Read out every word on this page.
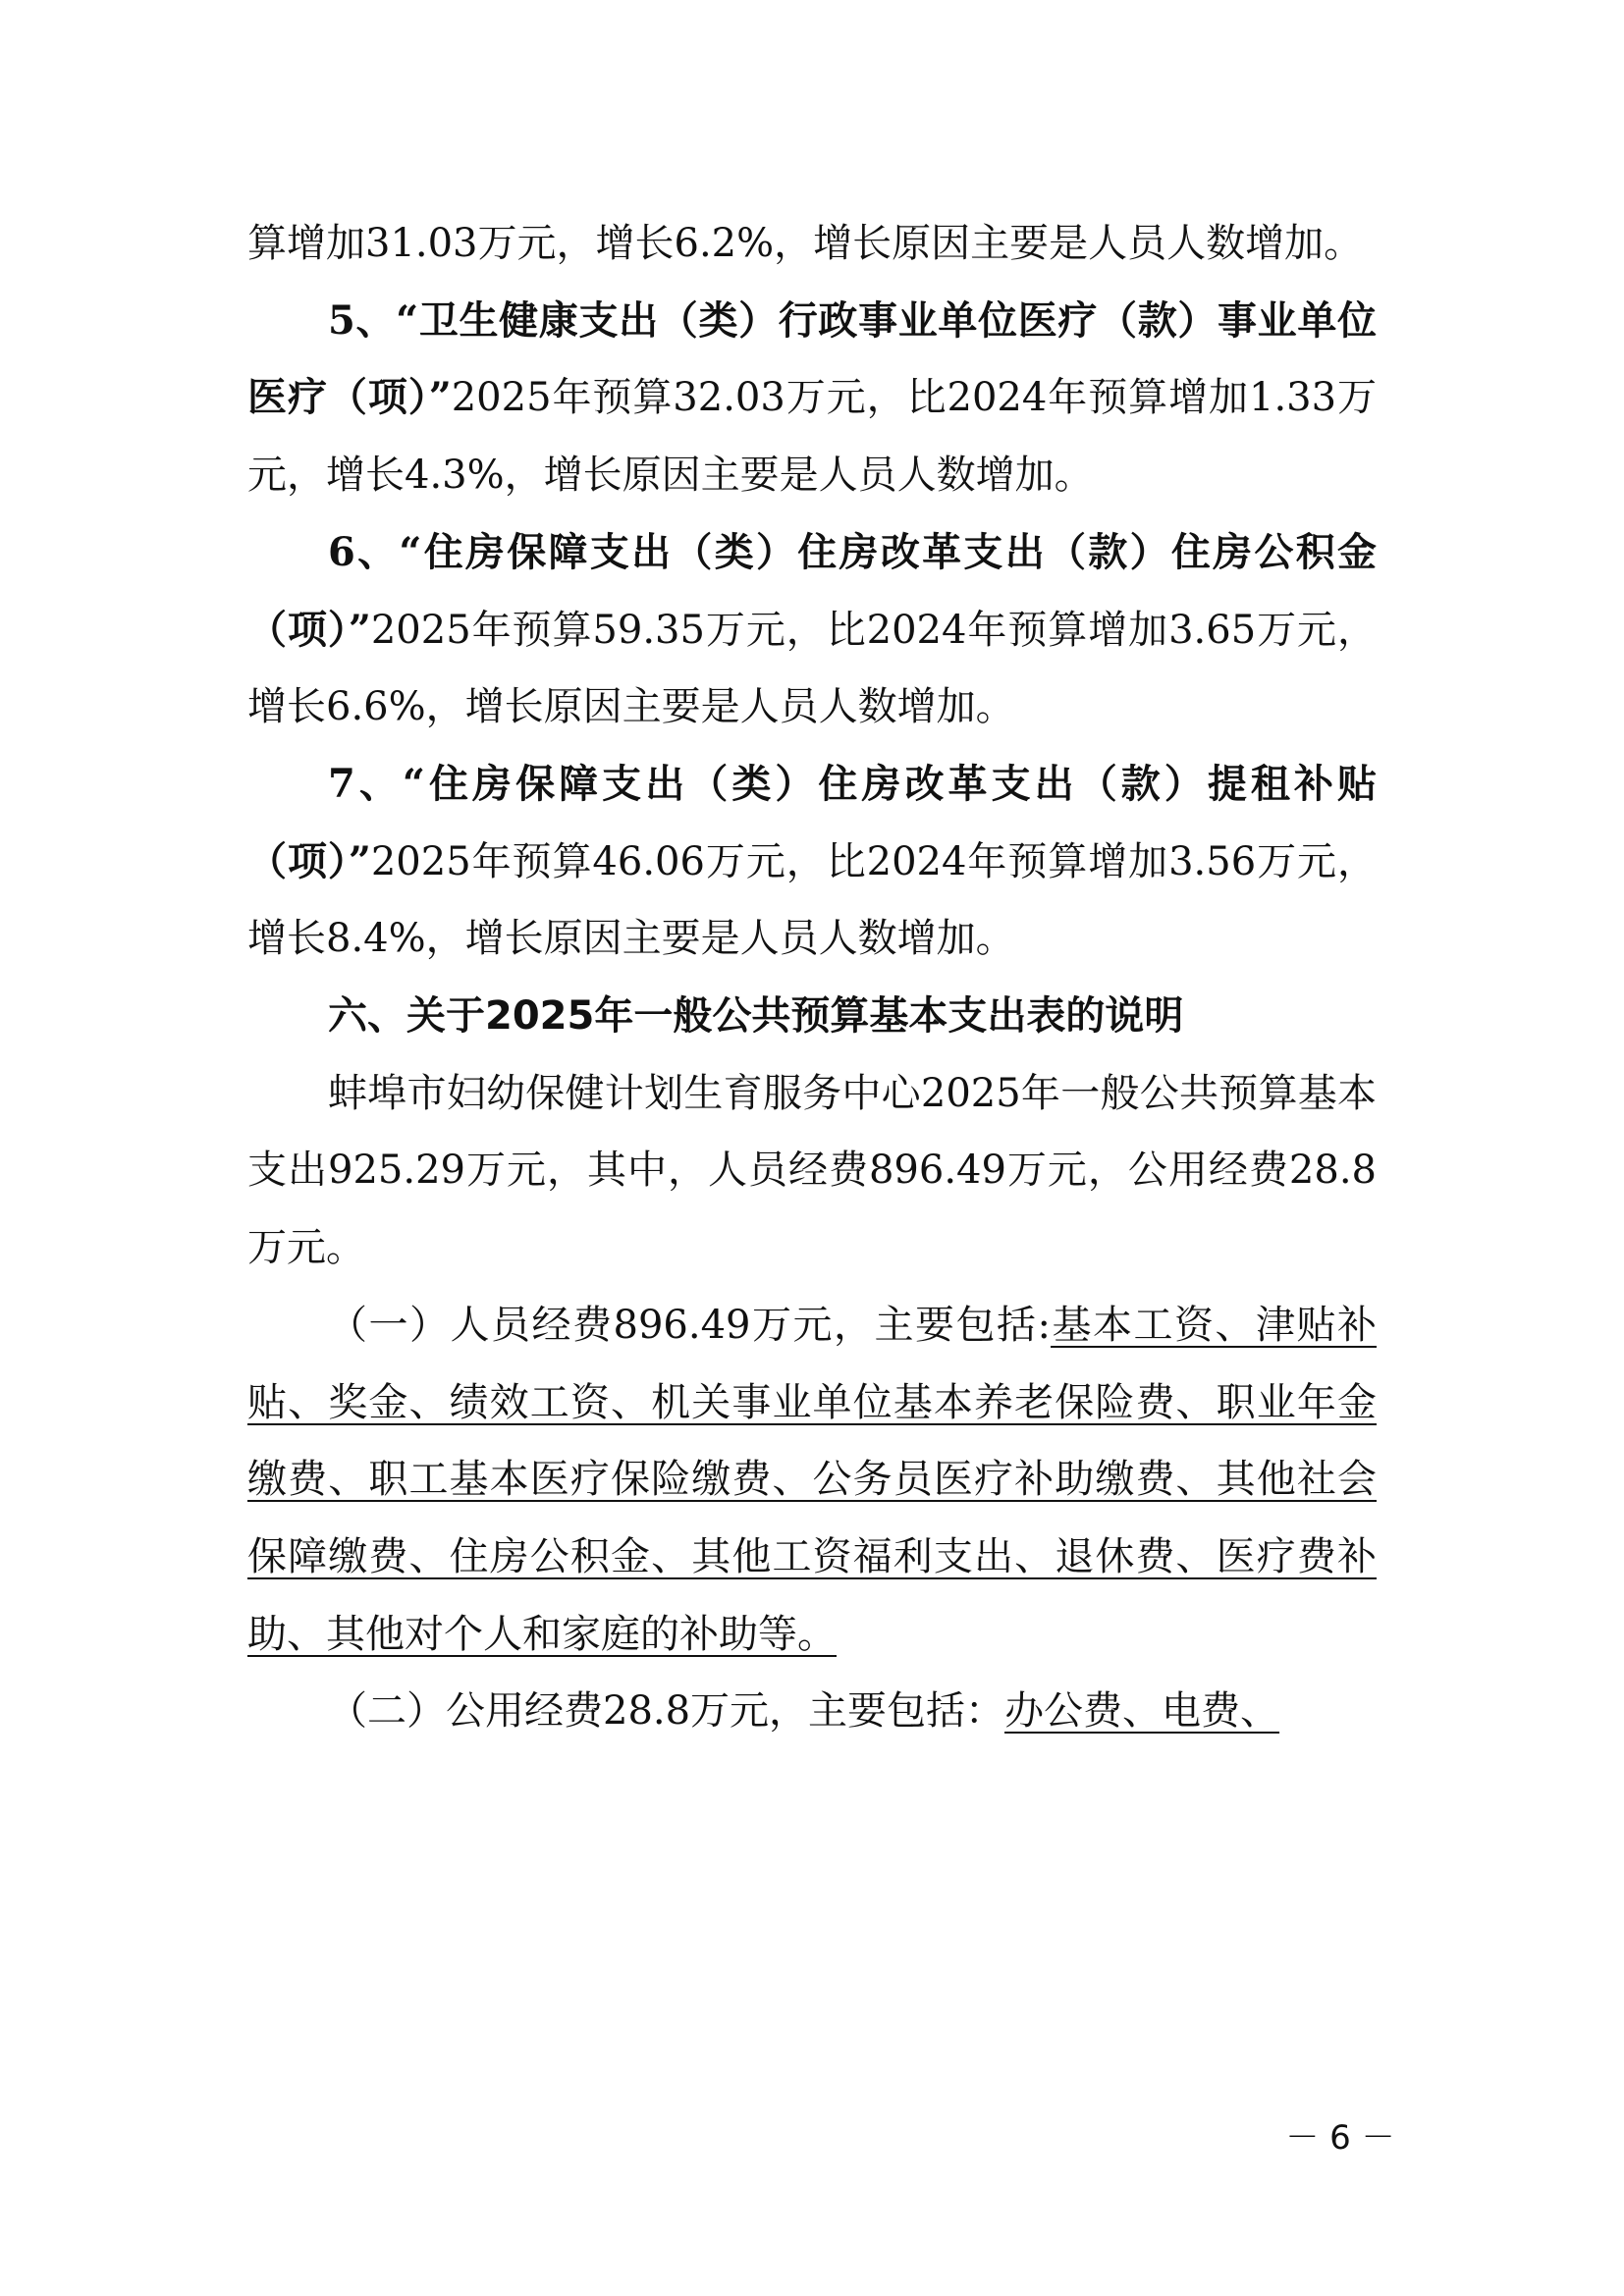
算增加31.03万元，增长6.2%，增长原因主要是人员人数增加。

5、“卫生健康支出（类）行政事业单位医疗（款）事业单位医疗（项）”2025年预算32.03万元，比2024年预算增加1.33万元，增长4.3%，增长原因主要是人员人数增加。

6、“住房保障支出（类）住房改革支出（款）住房公积金（项）”2025年预算59.35万元，比2024年预算增加3.65万元，增长6.6%，增长原因主要是人员人数增加。

7、“住房保障支出（类）住房改革支出（款）提租补贴（项）”2025年预算46.06万元，比2024年预算增加3.56万元，增长8.4%，增长原因主要是人员人数增加。

六、关于2025年一般公共预算基本支出表的说明

蚌埠市妇幼保健计划生育服务中心2025年一般公共预算基本支出925.29万元，其中，人员经费896.49万元，公用经费28.8万元。

（一）人员经费896.49万元，主要包括:基本工资、津贴补贴、奖金、绩效工资、机关事业单位基本养老保险费、职业年金缴费、职工基本医疗保险缴费、公务员医疗补助缴费、其他社会保障缴费、住房公积金、其他工资福利支出、退休费、医疗费补助、其他对个人和家庭的补助等。

（二）公用经费28.8万元，主要包括：办公费、电费、

－ 6 －
